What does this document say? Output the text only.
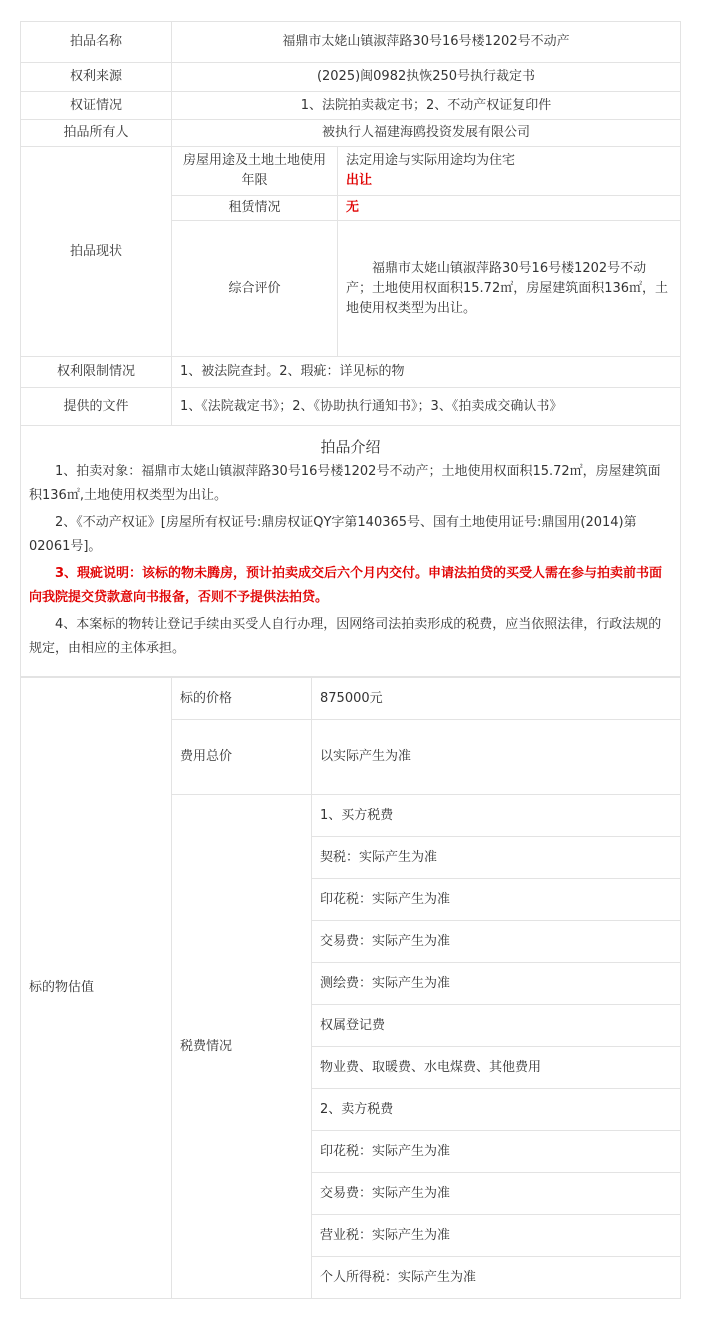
拍品名称	福鼎市太姥山镇淑萍路30号16号楼1202号不动产	
权利来源	(2025)闽0982执恢250号执行裁定书	
权证情况	1、法院拍卖裁定书；2、不动产权证复印件	
拍品所有人	被执行人福建海鸥投资发展有限公司	
拍品现状	房屋用途及土地土地使用年限	法定用途与实际用途均为住宅
出让

	租赁情况	无
	综合评价	福鼎市太姥山镇淑萍路30号16号楼1202号不动产；土地使用权面积15.72㎡，房屋建筑面积136㎡，土地使用权类型为出让。
权利限制情况	1、被法院查封。2、瑕疵：详见标的物	
提供的文件	1、《法院裁定书》；2、《协助执行通知书》；3、《拍卖成交确认书》	

拍品介绍

1、拍卖对象：福鼎市太姥山镇淑萍路30号16号楼1202号不动产；土地使用权面积15.72㎡，房屋建筑面积136㎡,土地使用权类型为出让。

2、《不动产权证》[房屋所有权证号:鼎房权证QY字第140365号、国有土地使用证号:鼎国用(2014)第02061号]。

3、瑕疵说明：该标的物未腾房，预计拍卖成交后六个月内交付。申请法拍贷的买受人需在参与拍卖前书面向我院提交贷款意向书报备，否则不予提供法拍贷。

4、本案标的物转让登记手续由买受人自行办理，因网络司法拍卖形成的税费，应当依照法律，行政法规的规定，由相应的主体承担。		

标的物估值	标的价格	875000元
	费用总价	以实际产生为准
	税费情况	1、买方税费
		契税：实际产生为准
		印花税：实际产生为准
		交易费：实际产生为准
		测绘费：实际产生为准
		权属登记费
		物业费、取暖费、水电煤费、其他费用
		2、卖方税费
		印花税：实际产生为准
		交易费：实际产生为准
		营业税：实际产生为准
		个人所得税：实际产生为准
